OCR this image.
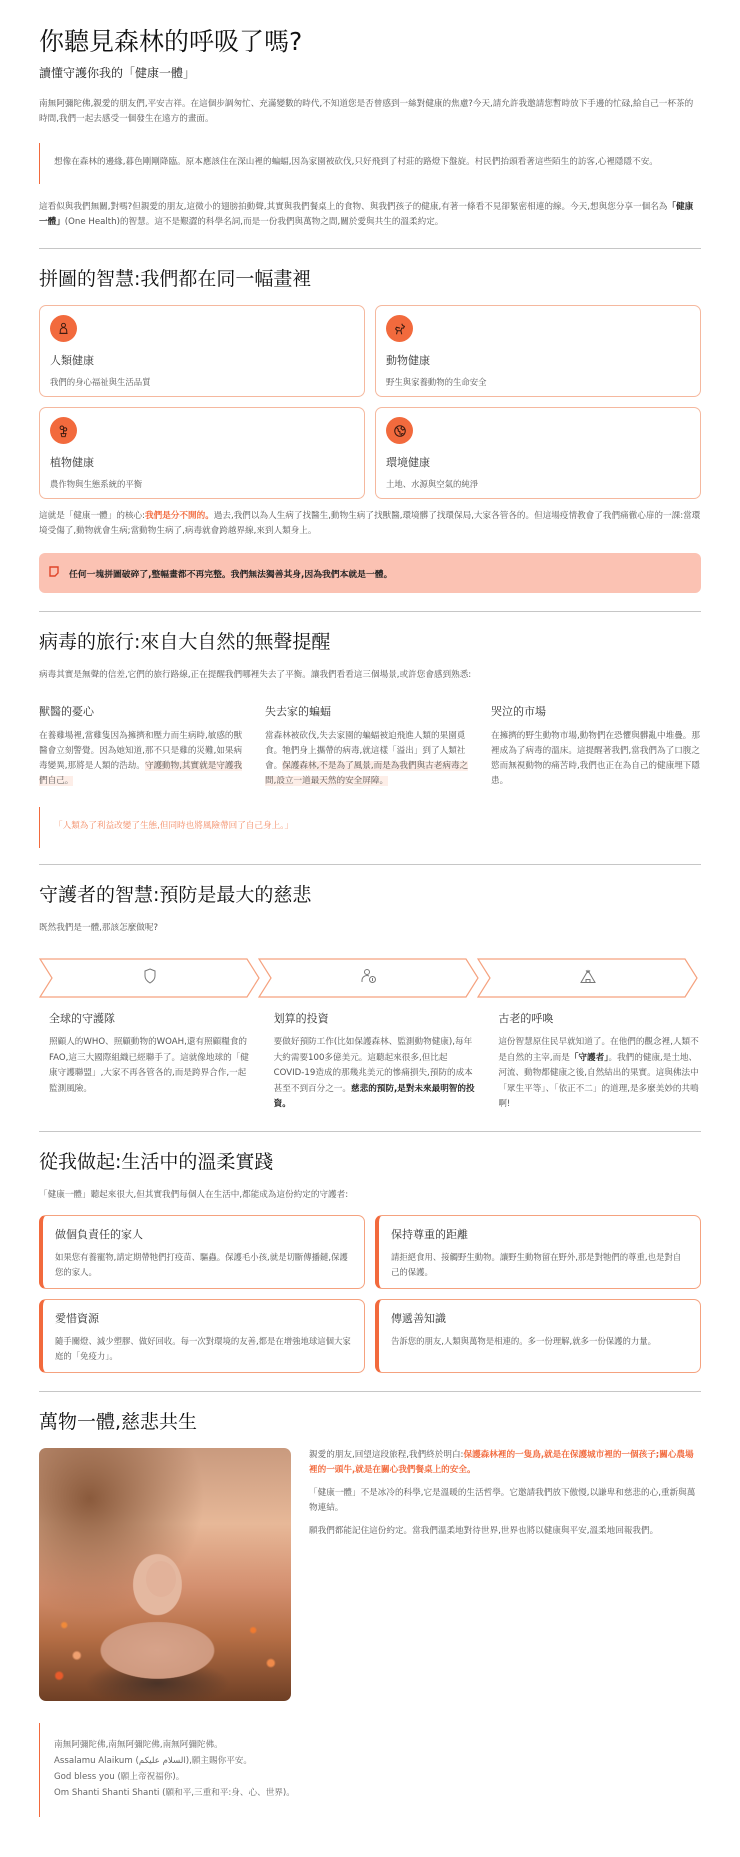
你聽見森林的呼吸了嗎?
讀懂守護你我的「健康一體」

南無阿彌陀佛,親愛的朋友們,平安吉祥。在這個步調匆忙、充滿變數的時代,不知道您是否曾感到一絲對健康的焦慮?今天,請允許我邀請您暫時放下手邊的忙碌,給自己一杯茶的時間,我們一起去感受一個發生在遠方的畫面。

想像在森林的邊緣,暮色剛剛降臨。原本應該住在深山裡的蝙蝠,因為家園被砍伐,只好飛到了村莊的路燈下盤旋。村民們抬頭看著這些陌生的訪客,心裡隱隱不安。

這看似與我們無關,對嗎?但親愛的朋友,這微小的翅膀拍動聲,其實與我們餐桌上的食物、與我們孩子的健康,有著一條看不見卻緊密相連的線。今天,想與您分享一個名為「健康一體」(One Health)的智慧。這不是艱澀的科學名詞,而是一份我們與萬物之間,關於愛與共生的溫柔約定。

拼圖的智慧:我們都在同一幅畫裡
人類健康
我們的身心福祉與生活品質
動物健康
野生與家養動物的生命安全
植物健康
農作物與生態系統的平衡
環境健康
土地、水源與空氣的純淨

這就是「健康一體」的核心:我們是分不開的。過去,我們以為人生病了找醫生,動物生病了找獸醫,環境髒了找環保局,大家各管各的。但這場疫情教會了我們痛徹心扉的一課:當環境受傷了,動物就會生病;當動物生病了,病毒就會跨越界線,來到人類身上。

任何一塊拼圖破碎了,整幅畫都不再完整。我們無法獨善其身,因為我們本就是一體。
病毒的旅行:來自大自然的無聲提醒

病毒其實是無聲的信差,它們的旅行路線,正在提醒我們哪裡失去了平衡。讓我們看看這三個場景,或許您會感到熟悉:

獸醫的憂心

在養雞場裡,當雞隻因為擁擠和壓力而生病時,敏感的獸醫會立刻警覺。因為她知道,那不只是雞的災難,如果病毒變異,那將是人類的浩劫。守護動物,其實就是守護我們自己。

失去家的蝙蝠

當森林被砍伐,失去家園的蝙蝠被迫飛進人類的果園覓食。牠們身上攜帶的病毒,就這樣「溢出」到了人類社會。保護森林,不是為了風景,而是為我們與古老病毒之間,設立一道最天然的安全屏障。

哭泣的市場

在擁擠的野生動物市場,動物們在恐懼與髒亂中堆疊。那裡成為了病毒的溫床。這提醒著我們,當我們為了口腹之慾而無視動物的痛苦時,我們也正在為自己的健康埋下隱患。

「人類為了利益改變了生態,但同時也將風險帶回了自己身上。」

守護者的智慧:預防是最大的慈悲

既然我們是一體,那該怎麼做呢?

全球的守護隊

照顧人的WHO、照顧動物的WOAH,還有照顧糧食的FAO,這三大國際組織已經聯手了。這就像地球的「健康守護聯盟」,大家不再各管各的,而是跨界合作,一起監測風險。

划算的投資

要做好預防工作(比如保護森林、監測動物健康),每年大約需要100多億美元。這聽起來很多,但比起COVID-19造成的那幾兆美元的慘痛損失,預防的成本甚至不到百分之一。慈悲的預防,是對未來最明智的投資。

古老的呼喚

這份智慧原住民早就知道了。在他們的觀念裡,人類不是自然的主宰,而是「守護者」。我們的健康,是土地、河流、動物都健康之後,自然結出的果實。這與佛法中「眾生平等」、「依正不二」的道理,是多麼美妙的共鳴啊!

從我做起:生活中的溫柔實踐

「健康一體」聽起來很大,但其實我們每個人在生活中,都能成為這份約定的守護者:

做個負責任的家人
如果您有養寵物,請定期帶牠們打疫苗、驅蟲。保護毛小孩,就是切斷傳播鏈,保護您的家人。
保持尊重的距離
請拒絕食用、接觸野生動物。讓野生動物留在野外,那是對牠們的尊重,也是對自己的保護。
愛惜資源
隨手關燈、減少塑膠、做好回收。每一次對環境的友善,都是在增強地球這個大家庭的「免疫力」。
傳遞善知識
告訴您的朋友,人類與萬物是相連的。多一份理解,就多一份保護的力量。
萬物一體,慈悲共生

親愛的朋友,回望這段旅程,我們終於明白:保護森林裡的一隻鳥,就是在保護城市裡的一個孩子;關心農場裡的一頭牛,就是在關心我們餐桌上的安全。

「健康一體」不是冰冷的科學,它是溫暖的生活哲學。它邀請我們放下傲慢,以謙卑和慈悲的心,重新與萬物連結。

願我們都能記住這份約定。當我們溫柔地對待世界,世界也將以健康與平安,溫柔地回報我們。

南無阿彌陀佛,南無阿彌陀佛,南無阿彌陀佛。

Assalamu Alaikum (السلام عليكم),願主賜你平安。

God bless you (願上帝祝福你)。

Om Shanti Shanti Shanti (願和平,三重和平:身、心、世界)。
